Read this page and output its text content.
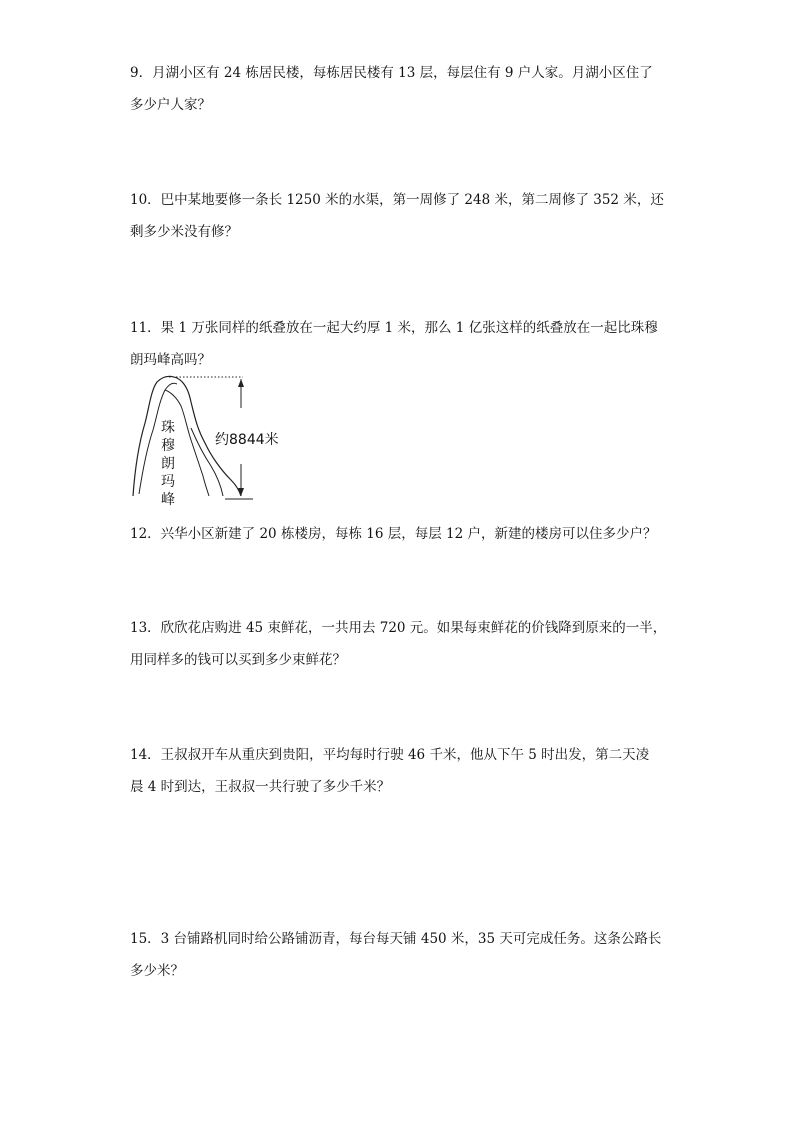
9．月湖小区有 24 栋居民楼，每栋居民楼有 13 层，每层住有 9 户人家。月湖小区住了
多少户人家？
10．巴中某地要修一条长 1250 米的水渠，第一周修了 248 米，第二周修了 352 米，还
剩多少米没有修？
11．果 1 万张同样的纸叠放在一起大约厚 1 米，那么 1 亿张这样的纸叠放在一起比珠穆
朗玛峰高吗？
珠
穆
朗
玛
峰
约8844米
12．兴华小区新建了 20 栋楼房，每栋 16 层，每层 12 户，新建的楼房可以住多少户？
13．欣欣花店购进 45 束鲜花，一共用去 720 元。如果每束鲜花的价钱降到原来的一半，
用同样多的钱可以买到多少束鲜花？
14．王叔叔开车从重庆到贵阳，平均每时行驶 46 千米，他从下午 5 时出发，第二天凌
晨 4 时到达，王叔叔一共行驶了多少千米？
15．3 台铺路机同时给公路铺沥青，每台每天铺 450 米，35 天可完成任务。这条公路长
多少米？
